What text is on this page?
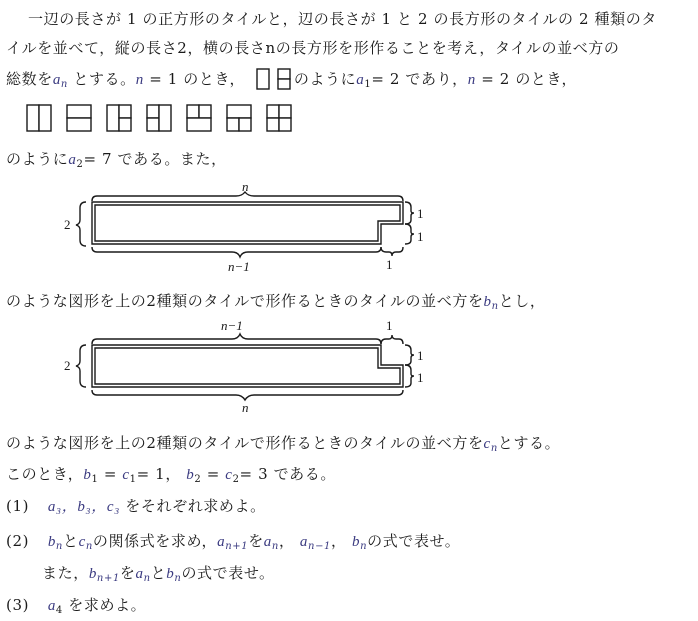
一辺の長さが 1 の正方形のタイルと，辺の長さが 1 と 2 の長方形のタイルの 2 種類のタ
イルを並べて，縦の長さ2，横の長さnの長方形を形作ることを考え，タイルの並べ方の
総数を$a_n$ とする。n = 1 のとき，	のように$a_1= 2$ であり，n = 2 のとき，
のように$a_2= 7$ である。また，
n
2
1
1
n−1	1
のような図形を上の2種類のタイルで形作るときのタイルの並べ方を$b_n$とし，
n−1	1
2
1
1
n
のような図形を上の2種類のタイルで形作るときのタイルの並べ方を$c_n$とする。
このとき，$b_1 = c_1= 1$， $b_2 = c_2= 3$ である。
(1) a₃，b₃，c₃ をそれぞれ求めよ。
(2) $b_n$と$c_n$の関係式を求め，$a_{n+1}$を$a_n$， $a_{n-1}$， $b_n$の式で表せ。
また，$b_{n+1}$を$a_n$と$b_n$の式で表せ。
(3) $a_4$ を求めよ。
